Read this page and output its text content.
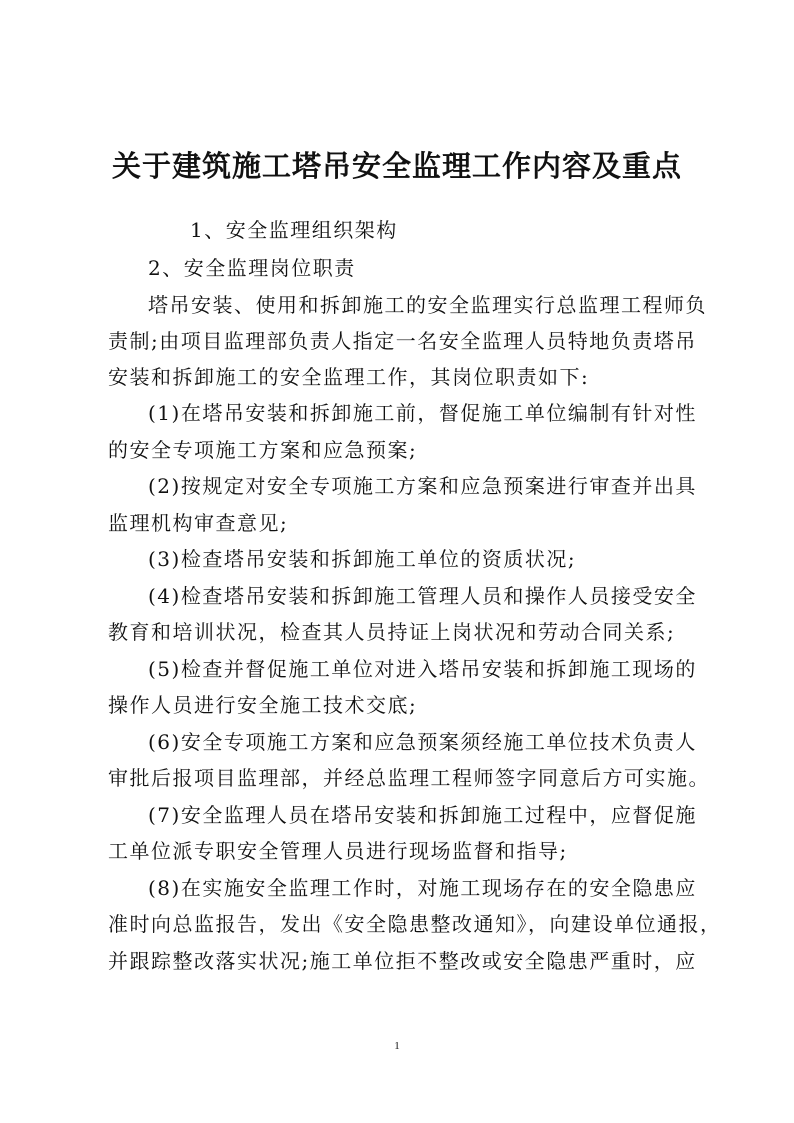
关于建筑施工塔吊安全监理工作内容及重点
1、安全监理组织架构
2、安全监理岗位职责
塔吊安装、使用和拆卸施工的安全监理实行总监理工程师负
责制;由项目监理部负责人指定一名安全监理人员特地负责塔吊
安装和拆卸施工的安全监理工作，其岗位职责如下:
(1)在塔吊安装和拆卸施工前，督促施工单位编制有针对性
的安全专项施工方案和应急预案;
(2)按规定对安全专项施工方案和应急预案进行审查并出具
监理机构审查意见;
(3)检查塔吊安装和拆卸施工单位的资质状况;
(4)检查塔吊安装和拆卸施工管理人员和操作人员接受安全
教育和培训状况，检查其人员持证上岗状况和劳动合同关系;
(5)检查并督促施工单位对进入塔吊安装和拆卸施工现场的
操作人员进行安全施工技术交底;
(6)安全专项施工方案和应急预案须经施工单位技术负责人
审批后报项目监理部，并经总监理工程师签字同意后方可实施。
(7)安全监理人员在塔吊安装和拆卸施工过程中，应督促施
工单位派专职安全管理人员进行现场监督和指导;
(8)在实施安全监理工作时，对施工现场存在的安全隐患应
准时向总监报告，发出《安全隐患整改通知》，向建设单位通报，
并跟踪整改落实状况;施工单位拒不整改或安全隐患严重时，应
1
